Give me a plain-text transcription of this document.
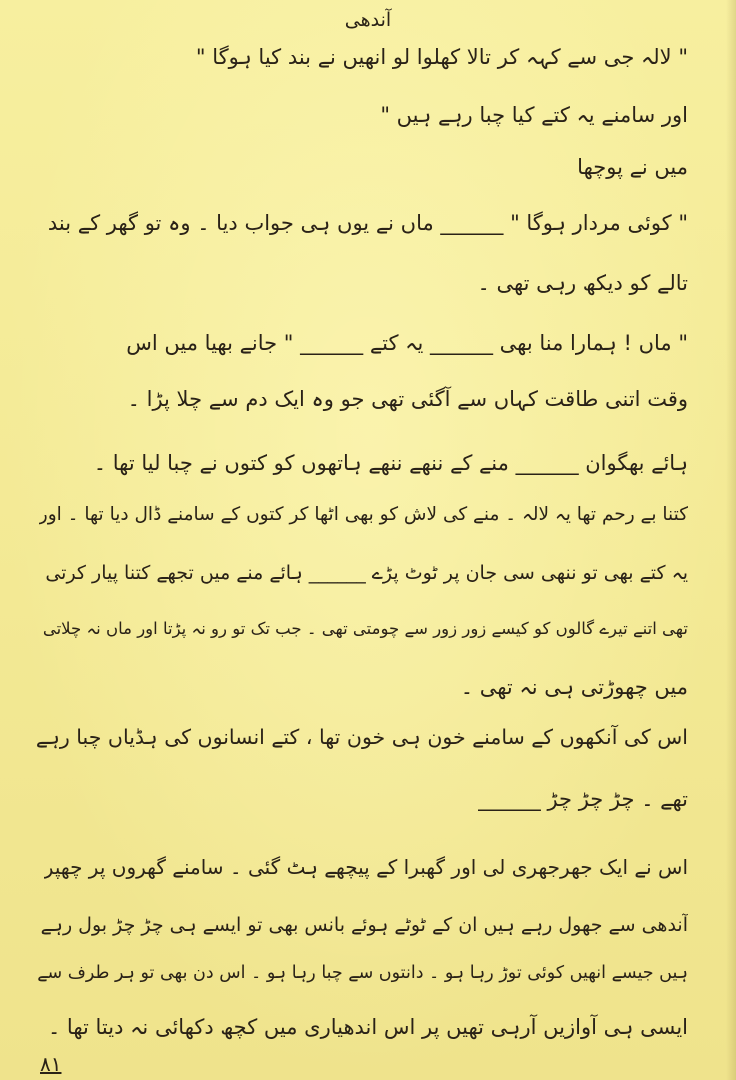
آندھی
" لالہ جی سے کہہ کر تالا کھلوا لو انھیں نے بند کیا ہوگا "
اور سامنے یہ کتے کیا چبا رہے ہیں "
میں نے پوچھا
" کوئی مردار ہوگا " ______ ماں نے یوں ہی جواب دیا ۔ وہ تو گھر کے بند
تالے کو دیکھ رہی تھی ۔
" ماں ! ہمارا منا بھی ______ یہ کتے ______ " جانے بھیا میں اس
وقت اتنی طاقت کہاں سے آگئی تھی جو وہ ایک دم سے چلا پڑا ۔
ہائے بھگوان ______ منے کے ننھے ننھے ہاتھوں کو کتوں نے چبا لیا تھا ۔
کتنا بے رحم تھا یہ لالہ ۔ منے کی لاش کو بھی اٹھا کر کتوں کے سامنے ڈال دیا تھا ۔ اور
یہ کتے بھی تو ننھی سی جان پر ٹوٹ پڑے ______ ہائے منے میں تجھے کتنا پیار کرتی
تھی اتنے تیرے گالوں کو کیسے زور زور سے چومتی تھی ۔ جب تک تو رو نہ پڑتا اور ماں نہ چلاتی
میں چھوڑتی ہی نہ تھی ۔
اس کی آنکھوں کے سامنے خون ہی خون تھا ، کتے انسانوں کی ہڈیاں چبا رہے
تھے ۔ چڑ چڑ چڑ ______
اس نے ایک جھرجھری لی اور گھبرا کے پیچھے ہٹ گئی ۔ سامنے گھروں پر چھپر
آندھی سے جھول رہے ہیں ان کے ٹوٹے ہوئے بانس بھی تو ایسے ہی چڑ چڑ بول رہے
ہیں جیسے انھیں کوئی توڑ رہا ہو ۔ دانتوں سے چبا رہا ہو ۔ اس دن بھی تو ہر طرف سے
ایسی ہی آوازیں آرہی تھیں پر اس اندھیاری میں کچھ دکھائی نہ دیتا تھا ۔
۸۱
